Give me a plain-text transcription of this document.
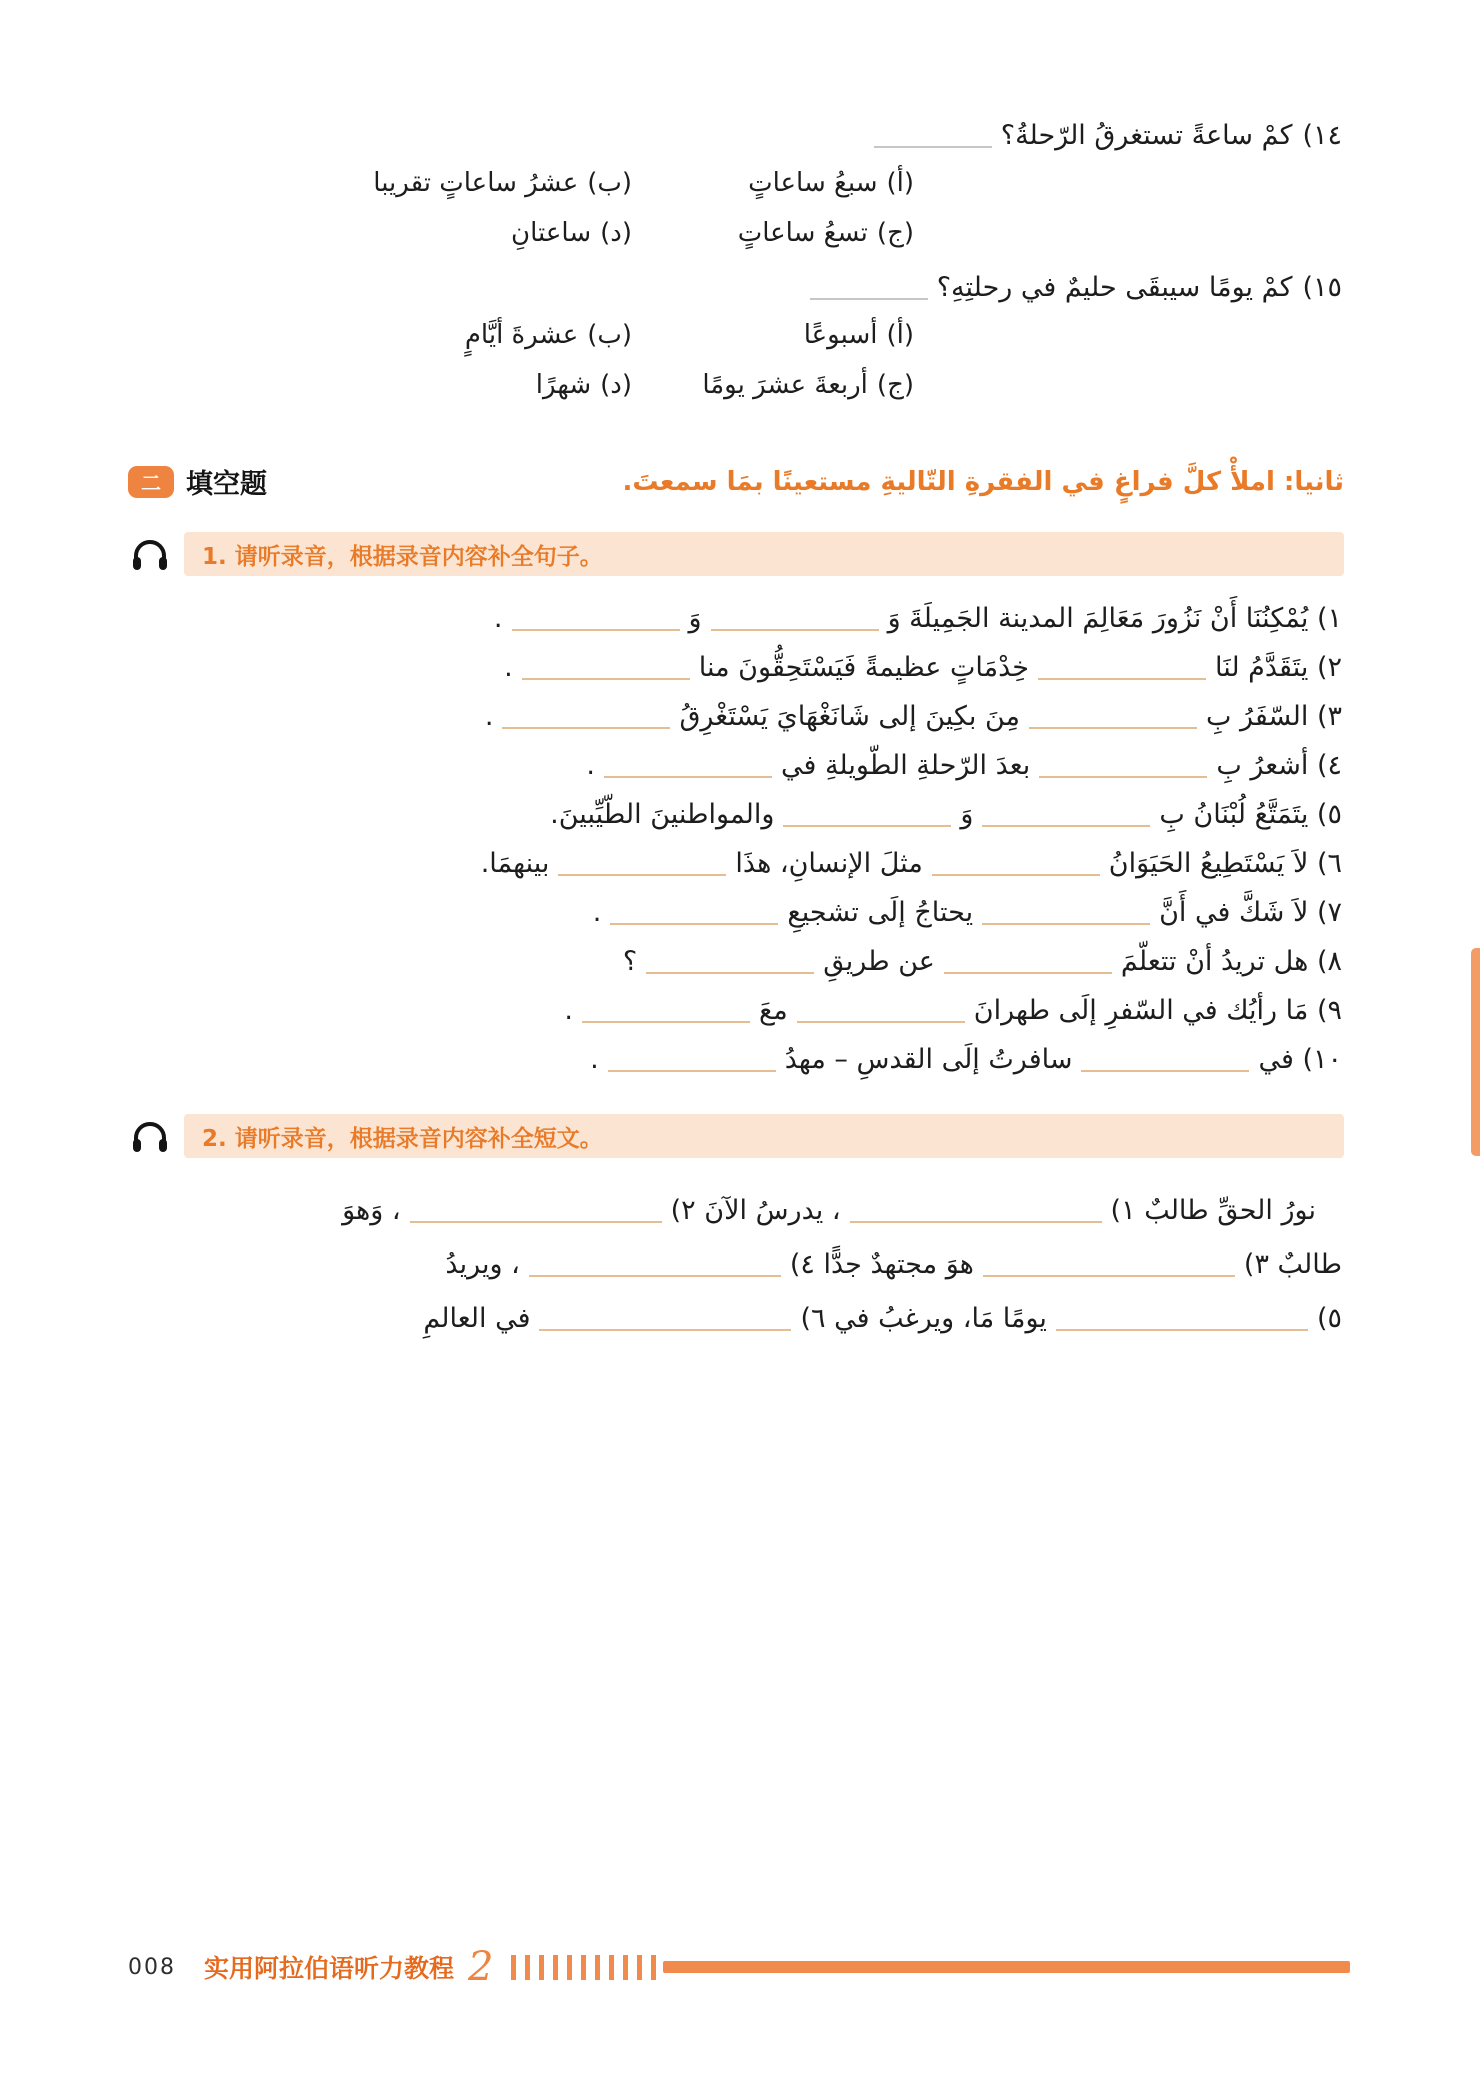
١٤)كمْ ساعةً تستغرقُ الرّحلةُ؟
(أ)سبعُ ساعاتٍ
(ب)عشرُ ساعاتٍ تقريبا
(ج)تسعُ ساعاتٍ
(د)ساعتانِ
١٥)كمْ يومًا سيبقَى حليمٌ في رحلتِهِ؟
(أ)أسبوعًا
(ب)عشرةَ أيَّامٍ
(ج)أربعةَ عشرَ يومًا
(د)شهرًا
二 填空题	ثانيا: املأْ كلَّ فراغٍ في الفقرةِ التّاليةِ مستعينًا بمَا سمعتَ.
1. 请听录音，根据录音内容补全句子。
١) يُمْكِنُنَا أَنْ نَزُورَ مَعَالِمَ المدينة الجَمِيلَةَ وَوَ.
٢) يتَقَدَّمُ لنَاخِدْمَاتٍ عظيمةً فَيَسْتَحِقُّونَ منا.
٣) السّفَرُ بِمِنَ بكِينَ إلى شَانَغْهَايَ يَسْتَغْرِقُ.
٤) أشعرُ بِبعدَ الرّحلةِ الطّويلةِ في.
٥) يتَمَتَّعُ لُبْنَانُ بِوَوالمواطنينَ الطّيِّبينَ.
٦) لاَ يَسْتَطِيعُ الحَيَوَانُمثلَ الإنسانِ، هذَابينهمَا.
٧) لاَ شَكَّ في أَنَّيحتاجُ إلَى تشجيعِ.
٨) هل تريدُ أنْ تتعلّمَعن طريقِ؟
٩) مَا رأيُك في السّفرِ إلَى طهرانَمعَ.
١٠) فيسافرتُ إلَى القدسِ – مهدُ.
2. 请听录音，根据录音内容补全短文。
نورُ الحقِّ طالبٌ ١)، يدرسُ الآنَ ٢)، وَهوَ
طالبٌ ٣)هوَ مجتهدٌ جدًّا ٤)، ويريدُ
٥)يومًا مَا، ويرغبُ في ٦)في العالمِ
008 实用阿拉伯语听力教程 2
